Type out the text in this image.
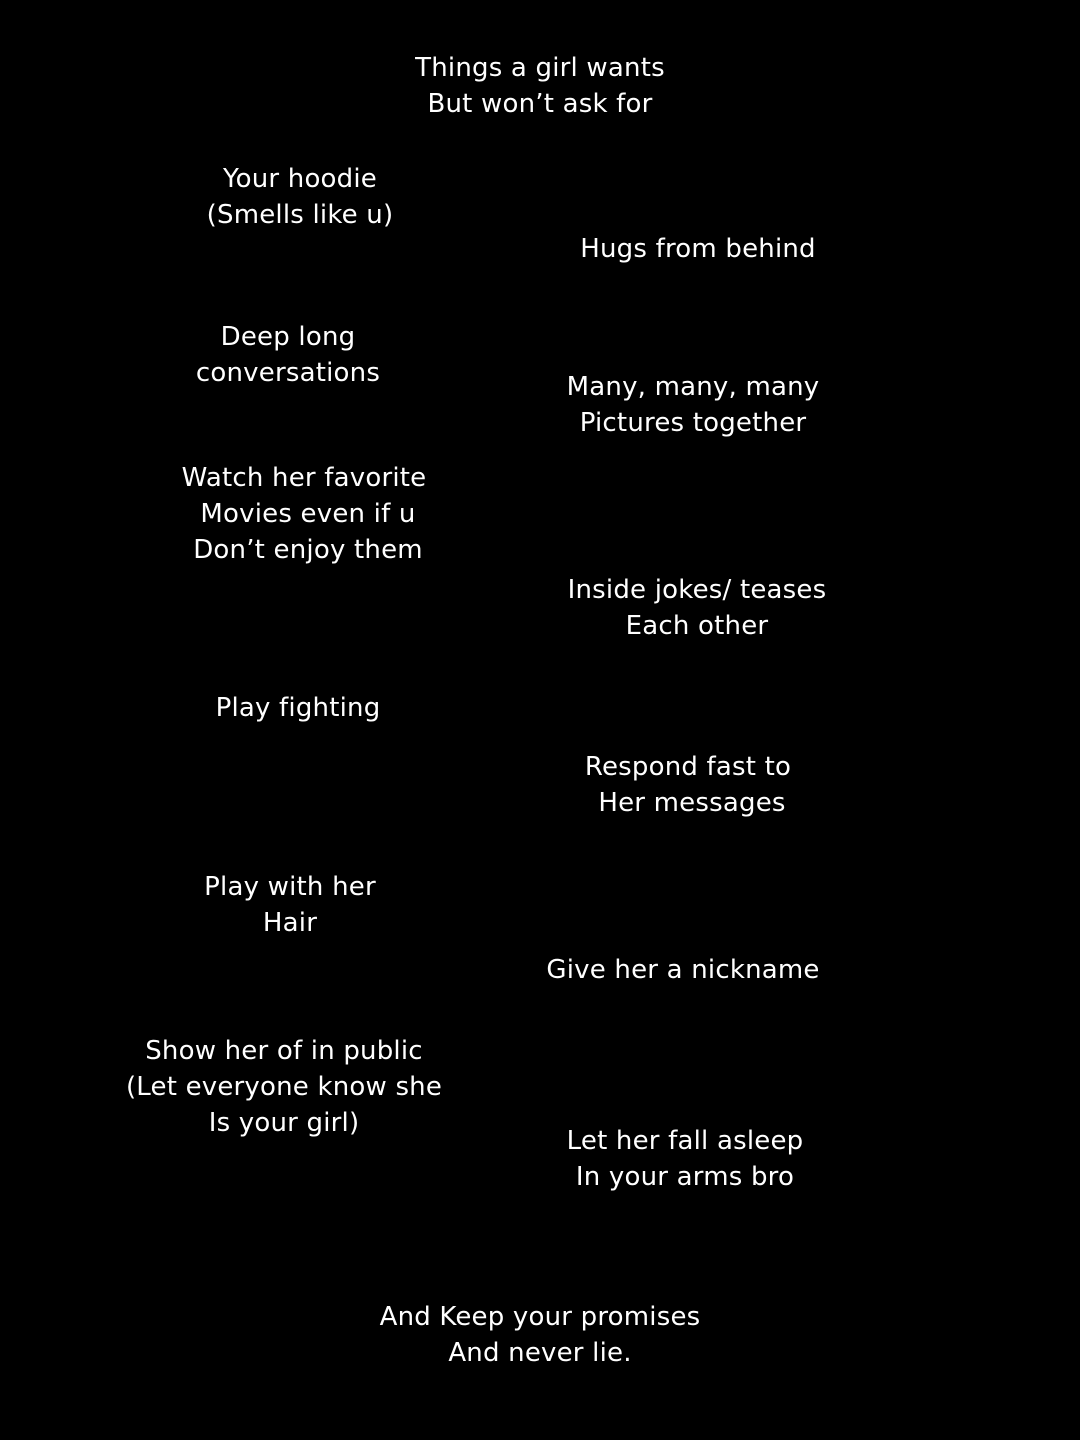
Things a girl wants
But won’t ask for
Your hoodie
(Smells like u)
Hugs from behind
Deep long
conversations	Many, many, many
Pictures together
Watch her favorite
Movies even if u
Don’t enjoy them
Inside jokes/ teases
Each other
Play fighting
Respond fast to
Her messages
Play with her
Hair
Give her a nickname
Show her of in public
(Let everyone know she
Is your girl)
Let her fall asleep
In your arms bro
And Keep your promises
And never lie.
